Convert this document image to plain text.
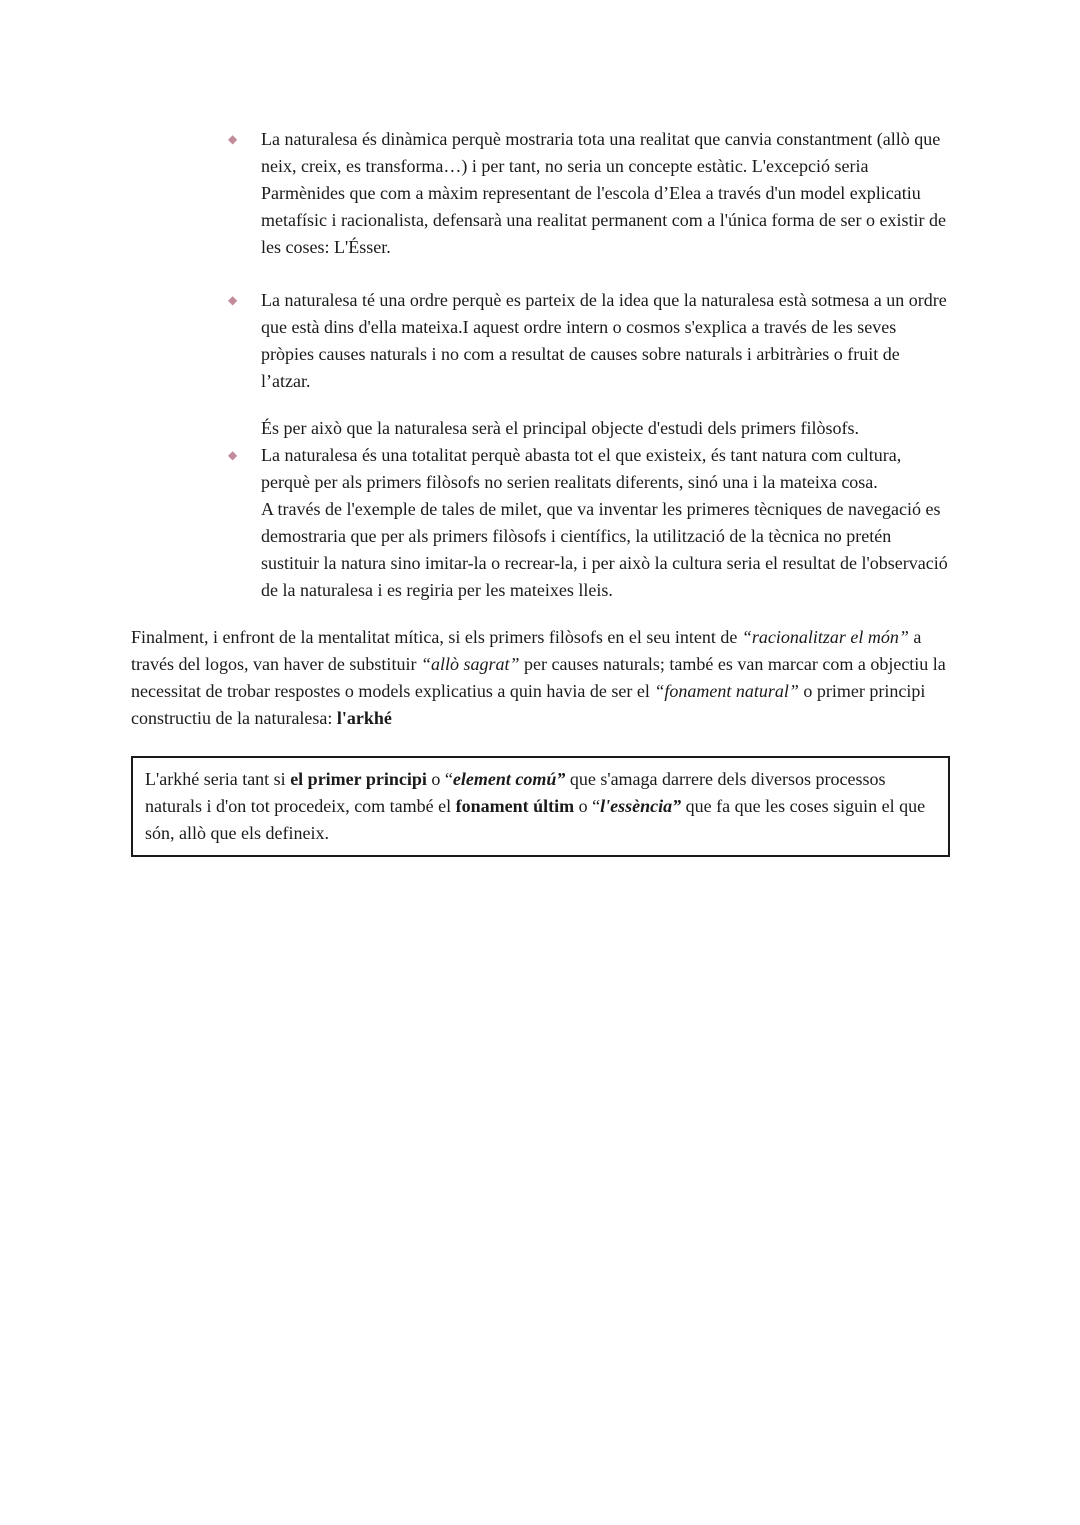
◆	La naturalesa és dinàmica perquè mostraria tota una realitat que canvia constantment (allò que neix, creix, es transforma…) i per tant, no seria un concepte estàtic. L'excepció seria Parmènides que com a màxim representant de l'escola d’Elea a través d'un model explicatiu metafísic i racionalista, defensarà una realitat permanent com a l'única forma de ser o existir de les coses: L'Ésser.

◆	La naturalesa té una ordre perquè es parteix de la idea que la naturalesa està sotmesa a un ordre que està dins d'ella mateixa.I aquest ordre intern o cosmos s'explica a través de les seves pròpies causes naturals i no com a resultat de causes sobre naturals i arbitràries o fruit de l’atzar.

És per això que la naturalesa serà el principal objecte d'estudi dels primers filòsofs.

◆	La naturalesa és una totalitat perquè abasta tot el que existeix, és tant natura com cultura, perquè per als primers filòsofs no serien realitats diferents, sinó una i la mateixa cosa.

A través de l'exemple de tales de milet, que va inventar les primeres tècniques de navegació es demostraria que per als primers filòsofs i científics, la utilització de la tècnica no pretén sustituir la natura sino imitar-la o recrear-la, i per això la cultura seria el resultat de l'observació de la naturalesa i es regiria per les mateixes lleis.

Finalment, i enfront de la mentalitat mítica, si els primers filòsofs en el seu intent de “racionalitzar el món” a través del logos, van haver de substituir “allò sagrat” per causes naturals; també es van marcar com a objectiu la necessitat de trobar respostes o models explicatius a quin havia de ser el “fonament natural” o primer principi constructiu de la naturalesa: l'arkhé

L'arkhé seria tant si el primer principi o “element comú” que s'amaga darrere dels diversos processos naturals i d'on tot procedeix, com també el fonament últim o “l'essència” que fa que les coses siguin el que són, allò que els defineix.
